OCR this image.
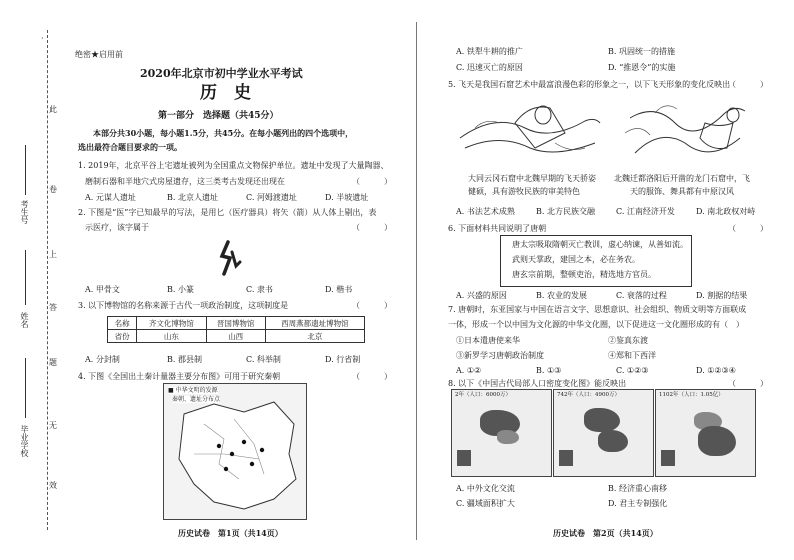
·
此
卷
上
答
题
无
效
考生号
姓名
毕业学校
绝密★启用前
2020年北京市初中学业水平考试
历　史
第一部分　选择题（共45分）
本部分共30小题，每小题1.5分，共45分。在每小题列出的四个选项中，
选出最符合题目要求的一项。
1. 2019年，北京平谷上宅遗址被列为全国重点文物保护单位。遗址中发现了大量陶器、
磨制石器和半地穴式房屋遗存，这三类考古发现还出现在	（　　　）
A. 元谋人遗址	B. 北京人遗址	C. 河姆渡遗址	D. 半坡遗址
2. 下图是“医”字已知最早的写法，是用匕（医疗器具）将矢（箭）从人体上剔出，表
示医疗，该字属于	（　　　）
A. 甲骨文	B. 小篆	C. 隶书	D. 楷书
3. 以下博物馆的名称来源于古代一项政治制度，这项制度是	（　　　）
名称	齐文化博物馆	晋国博物馆	西周燕都遗址博物馆
省份	山东	山西	北京
A. 分封制	B. 郡县制	C. 科举制	D. 行省制
4. 下图《全国出土秦计量器主要分布图》可用于研究秦朝	（　　　）
■ 中华文明的发源
秦朝、遗址分布点
历史试卷　第1页（共14页）
A. 铁犁牛耕的推广	B. 巩固统一的措施
C. 迅速灭亡的原因	D. “推恩令”的实施
5. 飞天是我国石窟艺术中最富浪漫色彩的形象之一，以下飞天形象的变化反映出
（　　　）
大同云冈石窟中北魏早期的飞天骄姿
健硕，具有游牧民族的审美特色
北魏迁都洛阳后开凿的龙门石窟中，飞
天的服饰、舞具都有中原汉风
A. 书法艺术成熟	B. 北方民族交融	C. 江南经济开发	D. 南北政权对峙
6. 下面材料共同说明了唐朝	（　　　）
唐太宗吸取隋朝灭亡教训，虚心纳谏，从善如流。
武则天掌政，建国之本，必在务农。
唐玄宗前期，整顿吏治，精选地方官员。
A. 兴盛的原因	B. 农业的发展	C. 衰落的过程	D. 割据的结果
7. 唐朝时，东亚国家与中国在语言文字、思想意识、社会组织、物质文明等方面联成
一体，形成一个以中国为文化源的中华文化圈，以下促进这一文化圈形成的有（　）
①日本遣唐使来华	②鉴真东渡
③新罗学习唐朝政治制度	④郑和下西洋
A. ①②	B. ①③	C. ①②③	D. ①②③④
8. 以下《中国古代局部人口密度变化图》能反映出	（　　　）
2年（人口：6000万）	742年（人口：4900万）	1102年（人口：1.05亿）
A. 中外文化交流	B. 经济重心南移
C. 疆域面积扩大	D. 君主专制强化
历史试卷　第2页（共14页）
